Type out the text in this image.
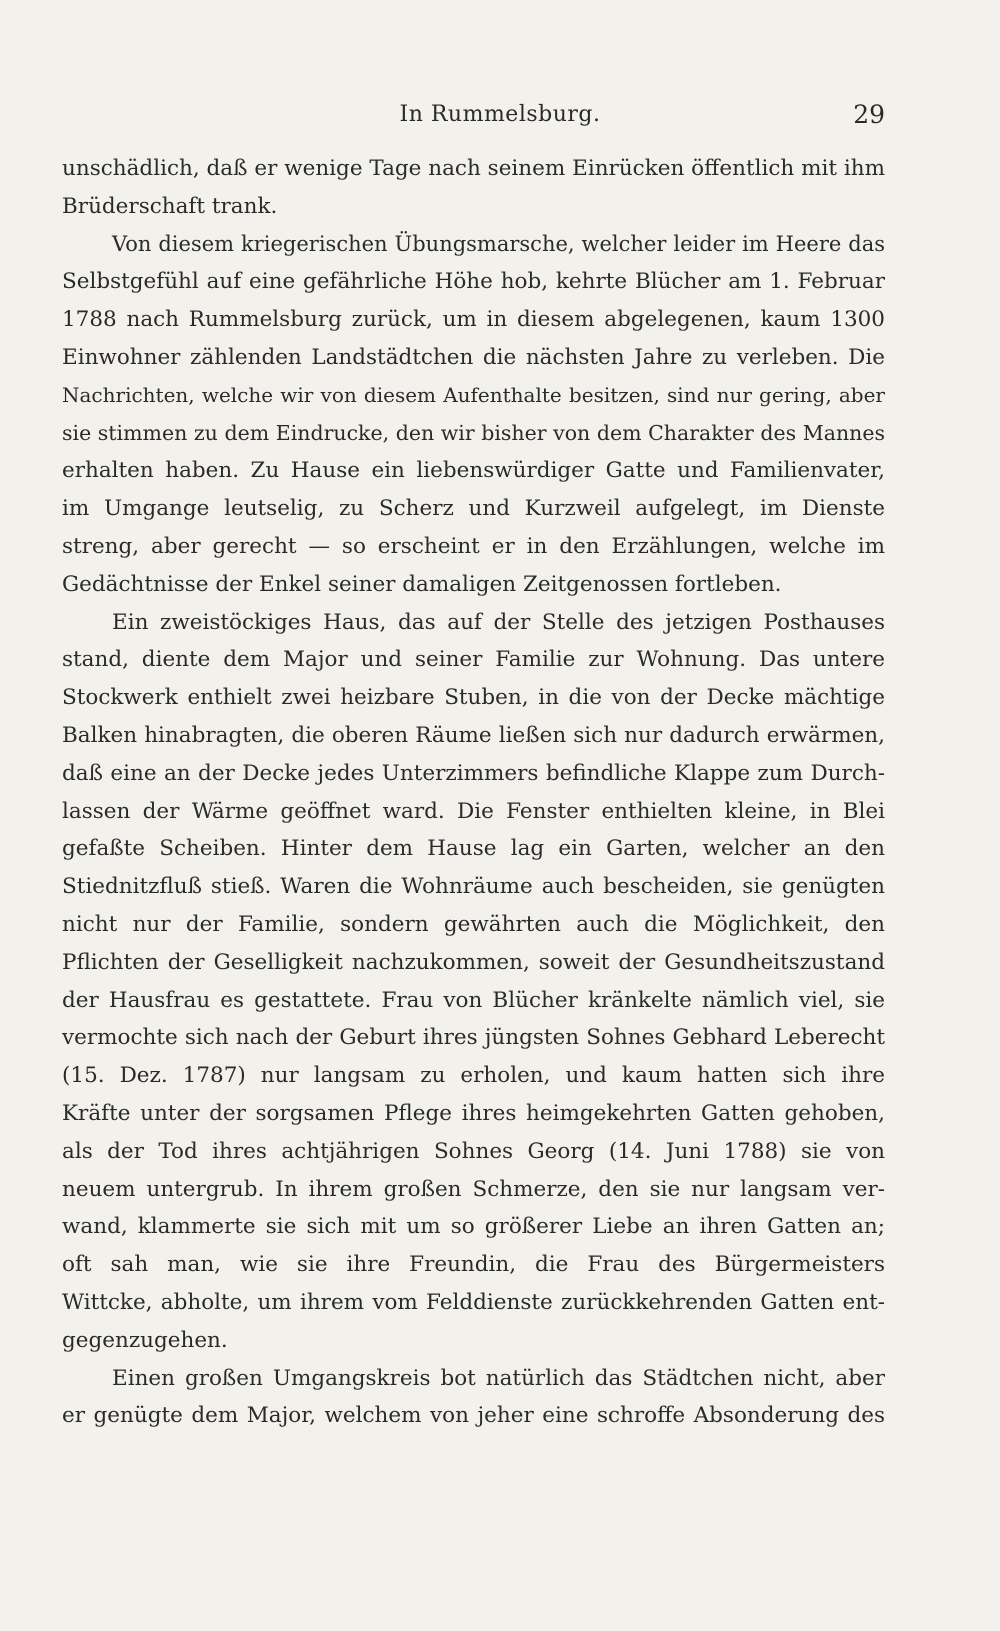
In Rummelsburg.	29
unschädlich, daß er wenige Tage nach seinem Einrücken öffentlich mit ihm
Brüderschaft trank.
Von diesem kriegerischen Übungsmarsche, welcher leider im Heere das
Selbstgefühl auf eine gefährliche Höhe hob, kehrte Blücher am 1. Februar
1788 nach Rummelsburg zurück, um in diesem abgelegenen, kaum 1300
Einwohner zählenden Landstädtchen die nächsten Jahre zu verleben. Die
Nachrichten, welche wir von diesem Aufenthalte besitzen, sind nur gering, aber
sie stimmen zu dem Eindrucke, den wir bisher von dem Charakter des Mannes
erhalten haben. Zu Hause ein liebenswürdiger Gatte und Familienvater,
im Umgange leutselig, zu Scherz und Kurzweil aufgelegt, im Dienste
streng, aber gerecht — so erscheint er in den Erzählungen, welche im
Gedächtnisse der Enkel seiner damaligen Zeitgenossen fortleben.
Ein zweistöckiges Haus, das auf der Stelle des jetzigen Posthauses
stand, diente dem Major und seiner Familie zur Wohnung. Das untere
Stockwerk enthielt zwei heizbare Stuben, in die von der Decke mächtige
Balken hinabragten, die oberen Räume ließen sich nur dadurch erwärmen,
daß eine an der Decke jedes Unterzimmers befindliche Klappe zum Durch-
lassen der Wärme geöffnet ward. Die Fenster enthielten kleine, in Blei
gefaßte Scheiben. Hinter dem Hause lag ein Garten, welcher an den
Stiednitzfluß stieß. Waren die Wohnräume auch bescheiden, sie genügten
nicht nur der Familie, sondern gewährten auch die Möglichkeit, den
Pflichten der Geselligkeit nachzukommen, soweit der Gesundheitszustand
der Hausfrau es gestattete. Frau von Blücher kränkelte nämlich viel, sie
vermochte sich nach der Geburt ihres jüngsten Sohnes Gebhard Leberecht
(15. Dez. 1787) nur langsam zu erholen, und kaum hatten sich ihre
Kräfte unter der sorgsamen Pflege ihres heimgekehrten Gatten gehoben,
als der Tod ihres achtjährigen Sohnes Georg (14. Juni 1788) sie von
neuem untergrub. In ihrem großen Schmerze, den sie nur langsam ver-
wand, klammerte sie sich mit um so größerer Liebe an ihren Gatten an;
oft sah man, wie sie ihre Freundin, die Frau des Bürgermeisters
Wittcke, abholte, um ihrem vom Felddienste zurückkehrenden Gatten ent-
gegenzugehen.
Einen großen Umgangskreis bot natürlich das Städtchen nicht, aber
er genügte dem Major, welchem von jeher eine schroffe Absonderung des
